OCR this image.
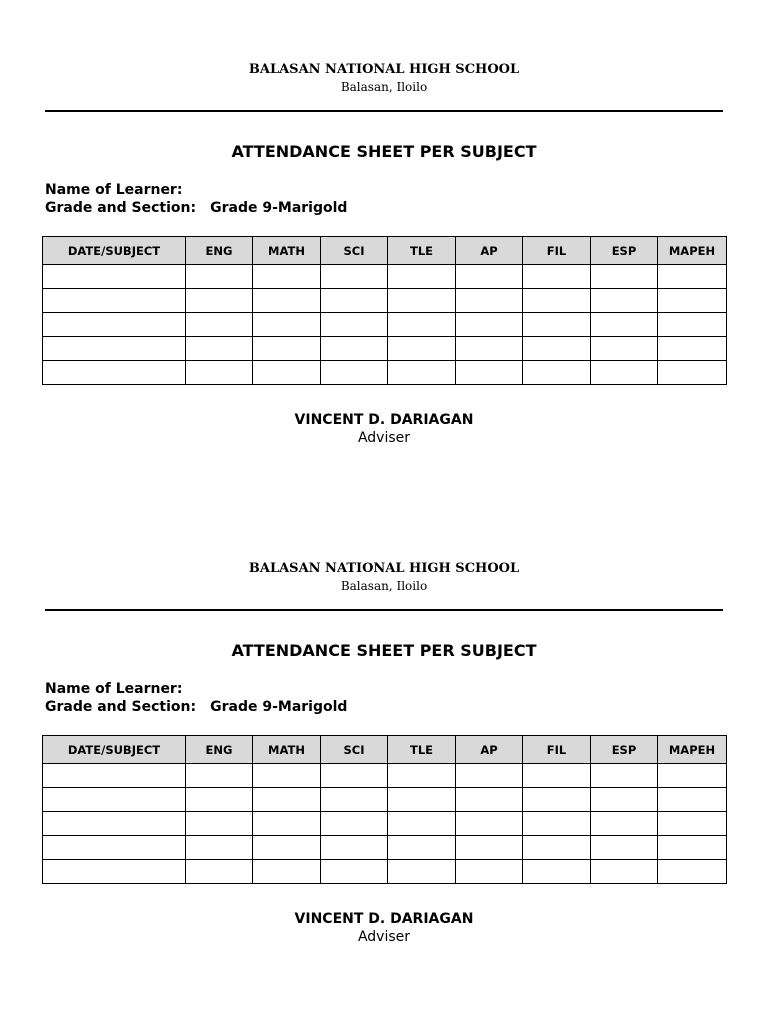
BALASAN NATIONAL HIGH SCHOOL
Balasan, Iloilo
ATTENDANCE SHEET PER SUBJECT
Name of Learner:
Grade and Section: Grade 9-Marigold
DATE/SUBJECT	ENG	MATH	SCI	TLE	AP	FIL	ESP	MAPEH

VINCENT D. DARIAGAN
Adviser
BALASAN NATIONAL HIGH SCHOOL
Balasan, Iloilo
ATTENDANCE SHEET PER SUBJECT
Name of Learner:
Grade and Section: Grade 9-Marigold
DATE/SUBJECT	ENG	MATH	SCI	TLE	AP	FIL	ESP	MAPEH

VINCENT D. DARIAGAN
Adviser
